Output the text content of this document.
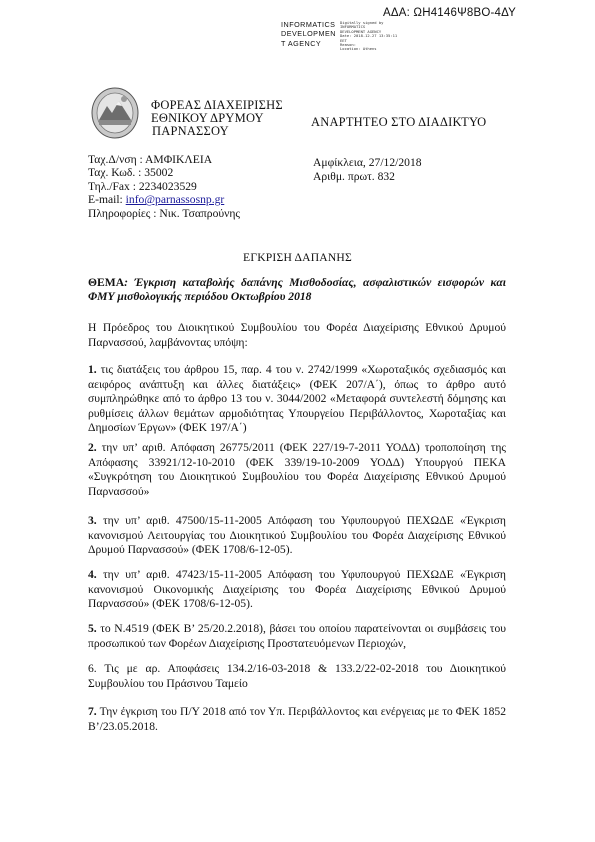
ΑΔΑ: ΩΗ4146Ψ8ΒΟ-4ΔΥ
INFORMATICS
DEVELOPMEN
T AGENCY
Digitally signed by
INFORMATICS
DEVELOPMENT AGENCY
Date: 2018.12.27 13:35:11
EET
Reason:
Location: Athens
ΦΟΡΕΑΣ ΔΙΑΧΕΙΡΙΣΗΣ
ΕΘΝΙΚΟΥ ΔΡΥΜΟΥ
ΠΑΡΝΑΣΣΟΥ
ΑΝΑΡΤΗΤΕΟ ΣΤΟ ΔΙΑΔΙΚΤΥΟ
Ταχ.Δ/νση : ΑΜΦΙΚΛΕΙΑ
Ταχ. Κωδ. : 35002
Τηλ./Fax : 2234023529
E-mail: info@parnassosnp.gr
Πληροφορίες : Νικ. Τσαπρούνης
Αμφίκλεια, 27/12/2018
Αριθμ. πρωτ. 832
ΕΓΚΡΙΣΗ ΔΑΠΑΝΗΣ
ΘΕΜΑ: Έγκριση καταβολής δαπάνης Μισθοδοσίας, ασφαλιστικών εισφορών και ΦΜΥ μισθολογικής περιόδου Οκτωβρίου 2018
Η Πρόεδρος του Διοικητικού Συμβουλίου του Φορέα Διαχείρισης Εθνικού Δρυμού Παρνασσού, λαμβάνοντας υπόψη:
1. τις διατάξεις του άρθρου 15, παρ. 4 του ν. 2742/1999 «Χωροταξικός σχεδιασμός και αειφόρος ανάπτυξη και άλλες διατάξεις» (ΦΕΚ 207/Α΄), όπως το άρθρο αυτό συμπληρώθηκε από το άρθρο 13 του ν. 3044/2002 «Μεταφορά συντελεστή δόμησης και ρυθμίσεις άλλων θεμάτων αρμοδιότητας Υπουργείου Περιβάλλοντος, Χωροταξίας και Δημοσίων Έργων» (ΦΕΚ 197/Α΄)
2. την υπ’ αριθ. Απόφαση 26775/2011 (ΦΕΚ 227/19-7-2011 ΥΟΔΔ) τροποποίηση της Απόφασης 33921/12-10-2010 (ΦΕΚ 339/19-10-2009 ΥΟΔΔ) Υπουργού ΠΕΚΑ «Συγκρότηση του Διοικητικού Συμβουλίου του Φορέα Διαχείρισης Εθνικού Δρυμού Παρνασσού»
3. την υπ’ αριθ. 47500/15-11-2005 Απόφαση του Υφυπουργού ΠΕΧΩΔΕ «Έγκριση κανονισμού Λειτουργίας του Διοικητικού Συμβουλίου του Φορέα Διαχείρισης Εθνικού Δρυμού Παρνασσού» (ΦΕΚ 1708/6-12-05).
4. την υπ’ αριθ. 47423/15-11-2005 Απόφαση του Υφυπουργού ΠΕΧΩΔΕ «Έγκριση κανονισμού Οικονομικής Διαχείρισης του Φορέα Διαχείρισης Εθνικού Δρυμού Παρνασσού» (ΦΕΚ 1708/6-12-05).
5. το Ν.4519 (ΦΕΚ Β’ 25/20.2.2018), βάσει του οποίου παρατείνονται οι συμβάσεις του προσωπικού των Φορέων Διαχείρισης Προστατευόμενων Περιοχών,
6. Τις με αρ. Αποφάσεις 134.2/16-03-2018 & 133.2/22-02-2018 του Διοικητικού Συμβουλίου του Πράσινου Ταμείο
7. Την έγκριση του Π/Υ 2018 από τον Υπ. Περιβάλλοντος και ενέργειας με το ΦΕΚ 1852 Β’/23.05.2018.
